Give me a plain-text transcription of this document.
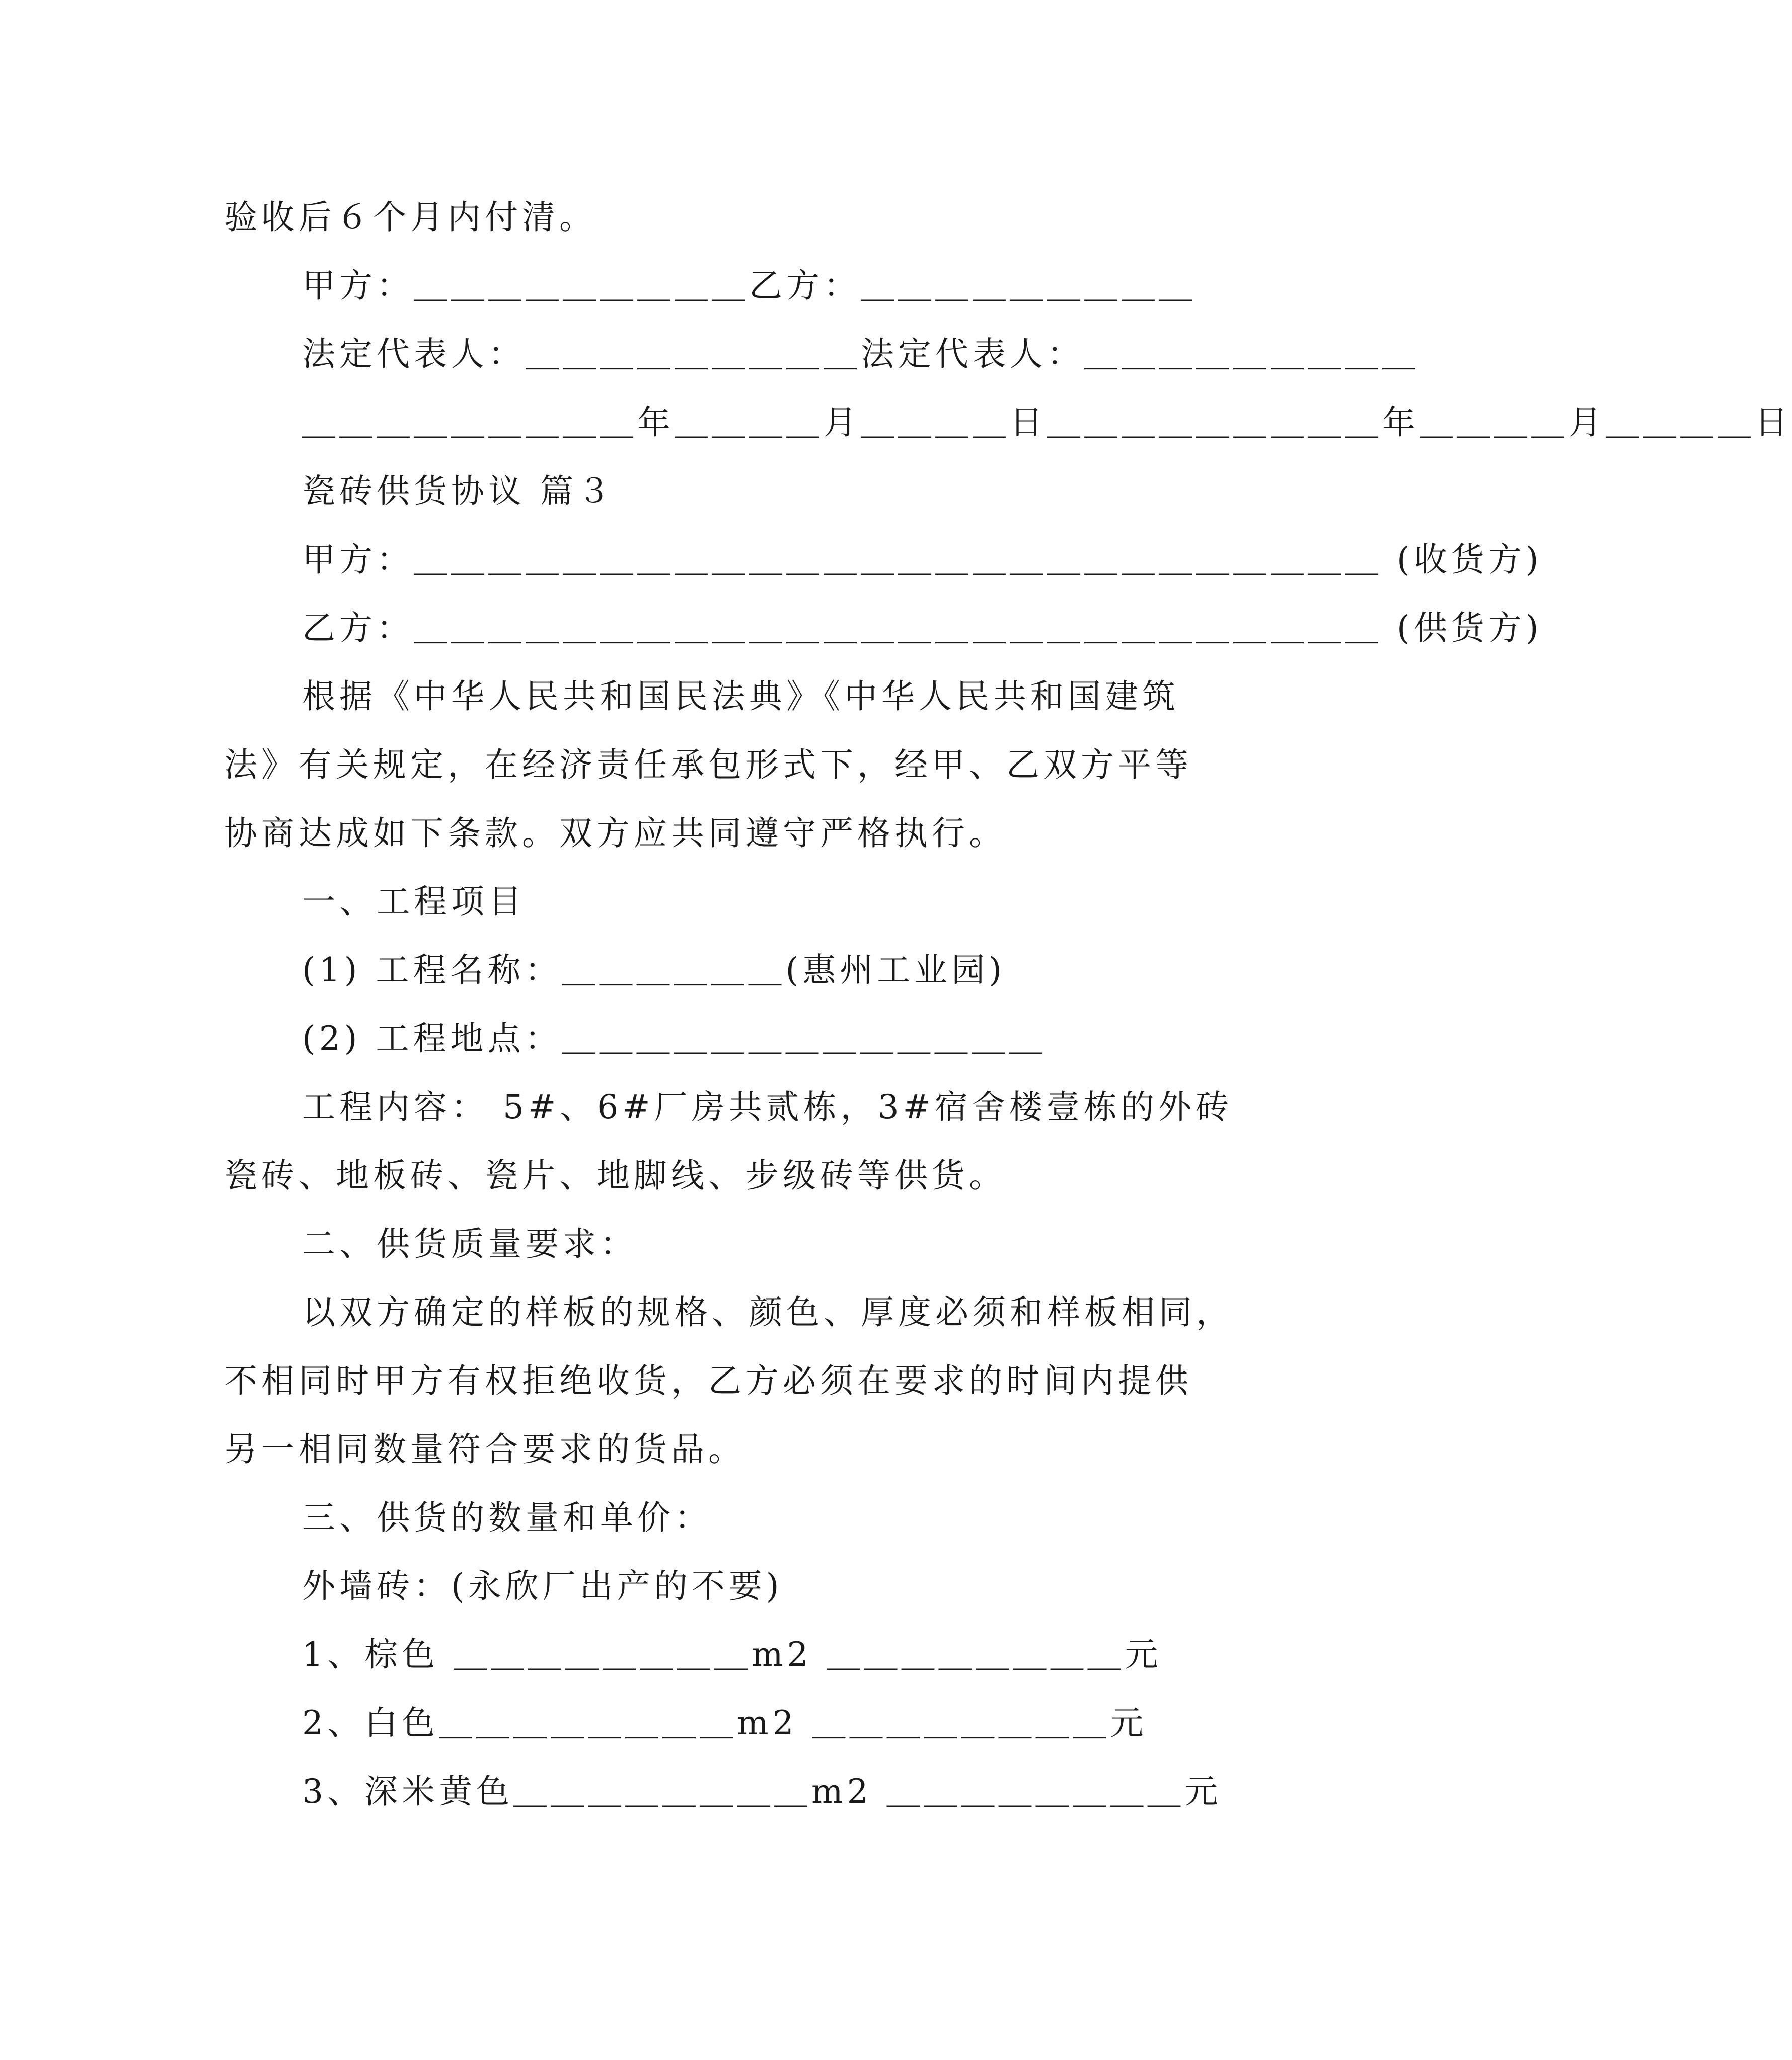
验收后６个月内付清。
甲方：＿＿＿＿＿＿＿＿＿乙方：＿＿＿＿＿＿＿＿＿
法定代表人：＿＿＿＿＿＿＿＿＿法定代表人：＿＿＿＿＿＿＿＿＿
＿＿＿＿＿＿＿＿＿年＿＿＿＿月＿＿＿＿日＿＿＿＿＿＿＿＿＿年＿＿＿＿月＿＿＿＿日
瓷砖供货协议 篇３
甲方：＿＿＿＿＿＿＿＿＿＿＿＿＿＿＿＿＿＿＿＿＿＿＿＿＿＿ (收货方)
乙方：＿＿＿＿＿＿＿＿＿＿＿＿＿＿＿＿＿＿＿＿＿＿＿＿＿＿ (供货方)
根据《中华人民共和国民法典》《中华人民共和国建筑
法》有关规定，在经济责任承包形式下，经甲、乙双方平等
协商达成如下条款。双方应共同遵守严格执行。
一、工程项目
(1) 工程名称：＿＿＿＿＿＿(惠州工业园)
(2) 工程地点：＿＿＿＿＿＿＿＿＿＿＿＿＿
工程内容： 5#、6#厂房共贰栋，3#宿舍楼壹栋的外砖
瓷砖、地板砖、瓷片、地脚线、步级砖等供货。
二、供货质量要求：
以双方确定的样板的规格、颜色、厚度必须和样板相同，
不相同时甲方有权拒绝收货，乙方必须在要求的时间内提供
另一相同数量符合要求的货品。
三、供货的数量和单价：
外墙砖：(永欣厂出产的不要)
1、棕色 ＿＿＿＿＿＿＿＿m2 ＿＿＿＿＿＿＿＿元
2、白色＿＿＿＿＿＿＿＿m2 ＿＿＿＿＿＿＿＿元
3、深米黄色＿＿＿＿＿＿＿＿m2 ＿＿＿＿＿＿＿＿元
